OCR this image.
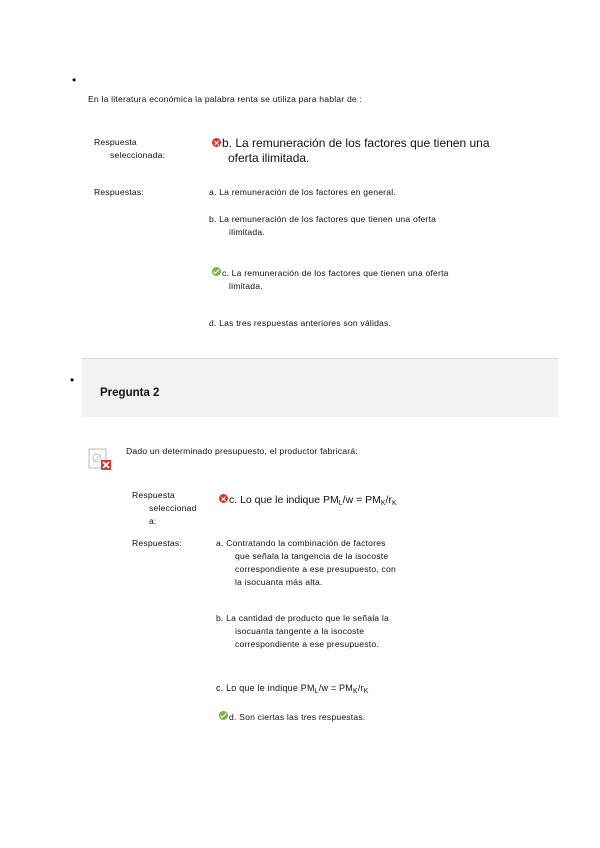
•
En la literatura económica la palabra renta se utiliza para hablar de :
Respuesta
seleccionada:
b. La remuneración de los factores que tienen una
oferta ilimitada.
Respuestas:	a. La remuneración de los factores en general.
b. La remuneración de los factores que tienen una oferta
ilimitada.
c. La remuneración de los factores que tienen una oferta
limitada.
d. Las tres respuestas anteriores son válidas.
•
Pregunta 2
Dado un determinado presupuesto, el productor fabricará:
Respuesta
seleccionad
a:
c. Lo que le indique $PM_L/w = PM_K/r_K$
Respuestas:	a. Contratando la combinación de factores
que señala la tangencia de la isocoste
correspondiente a ese presupuesto, con
la isocuanta más alta.
b. La cantidad de producto que le señala la
isocuanta tangente a la isocoste
correspondiente a ese presupuesto.
c. Lo que le indique $PM_L/w = PM_K/r_K$
d. Son ciertas las tres respuestas.
